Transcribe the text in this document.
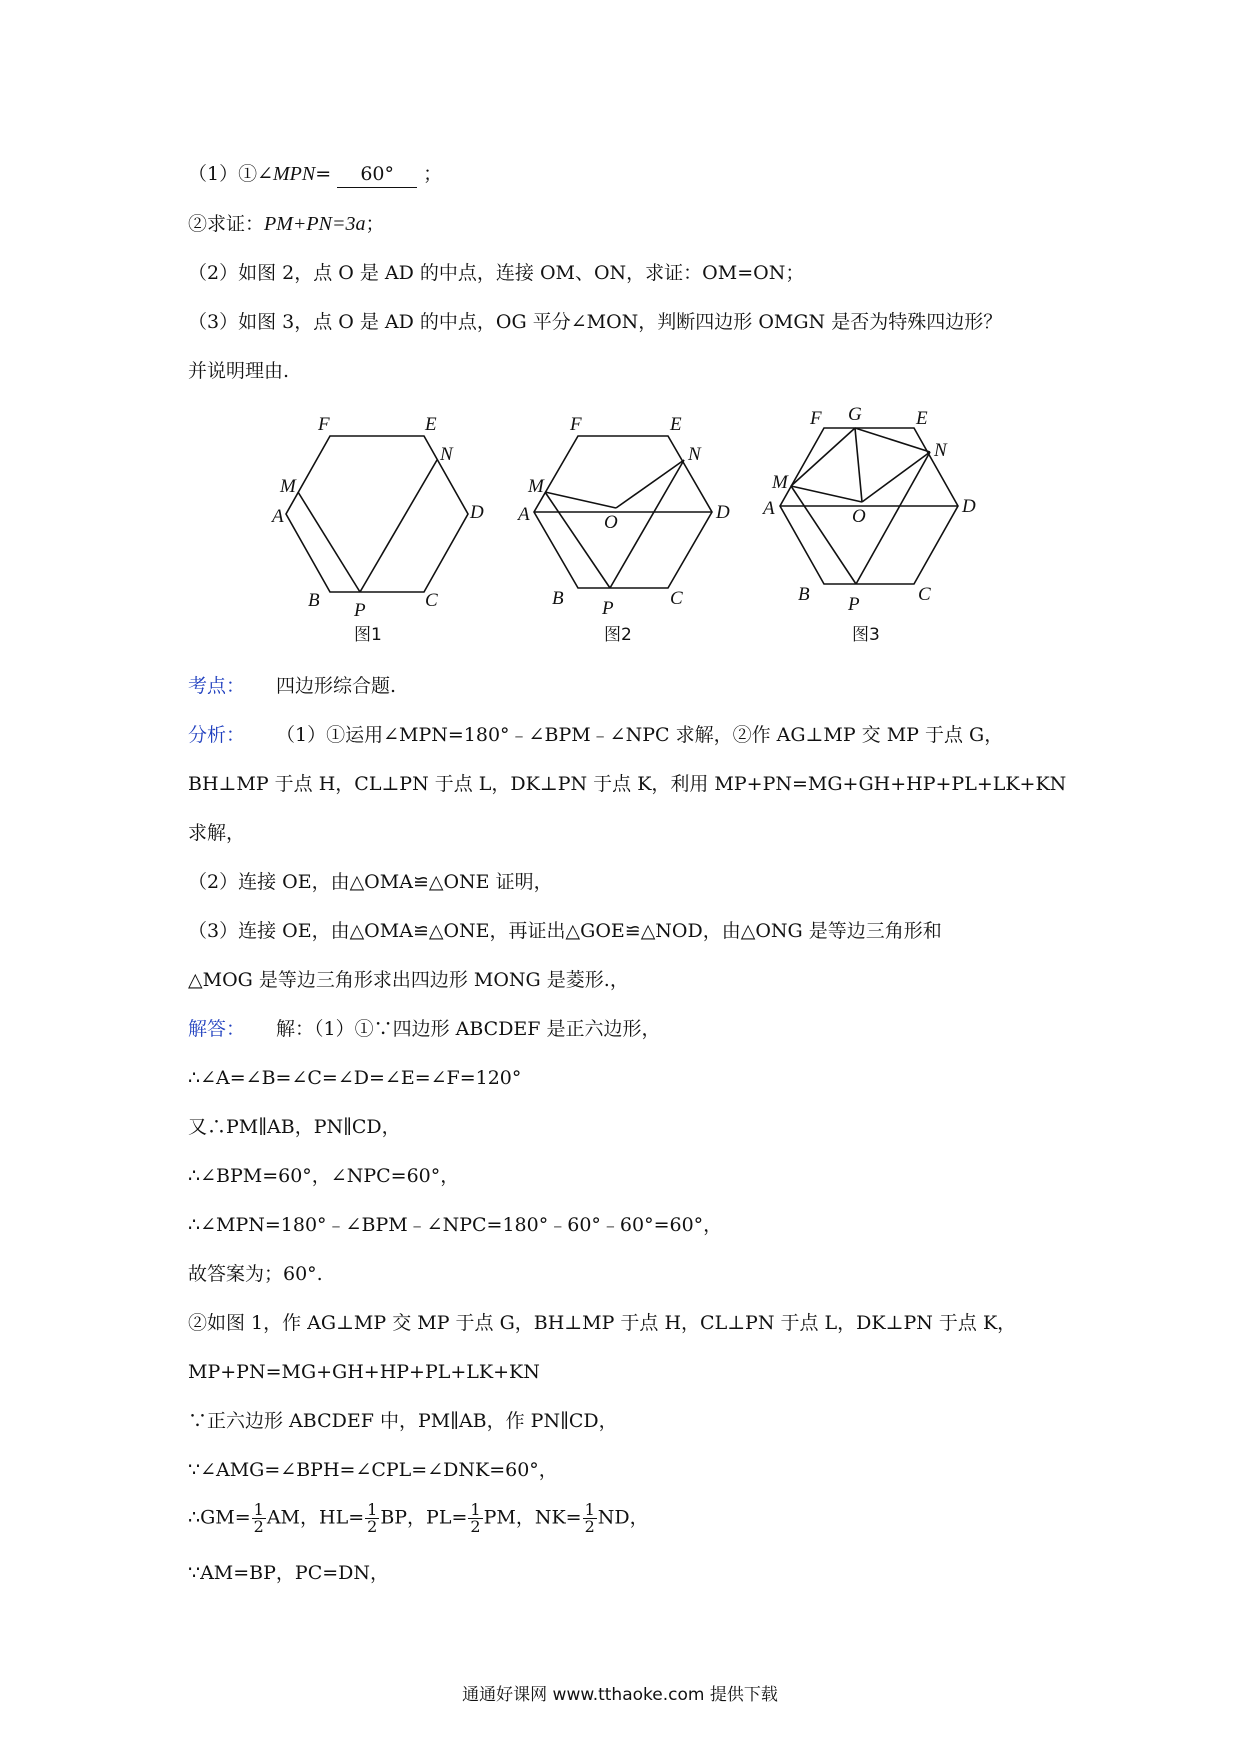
（1）①∠MPN= 60° ；
②求证：PM+PN=3a；
（2）如图 2，点 O 是 AD 的中点，连接 OM、ON，求证：OM=ON；
（3）如图 3，点 O 是 AD 的中点，OG 平分∠MON，判断四边形 OMGN 是否为特殊四边形？
并说明理由.
F	E
M
N
A	D
B P	C
图1
F	E
M
N
A	D
O
B P	C
图2
F G	E
M
N
A	D
O
B P	C
图3
考点： 四边形综合题.
分析： （1）①运用∠MPN=180°﹣∠BPM﹣∠NPC 求解，②作 AG⊥MP 交 MP 于点 G，
BH⊥MP 于点 H，CL⊥PN 于点 L，DK⊥PN 于点 K，利用 MP+PN=MG+GH+HP+PL+LK+KN
求解，
（2）连接 OE，由△OMA≌△ONE 证明，
（3）连接 OE，由△OMA≌△ONE，再证出△GOE≌△NOD，由△ONG 是等边三角形和
△MOG 是等边三角形求出四边形 MONG 是菱形.，
解答： 解：（1）①∵四边形 ABCDEF 是正六边形，
∴∠A=∠B=∠C=∠D=∠E=∠F=120°
又∴PM∥AB，PN∥CD，
∴∠BPM=60°，∠NPC=60°，
∴∠MPN=180°﹣∠BPM﹣∠NPC=180°﹣60°﹣60°=60°，
故答案为；60°.
②如图 1，作 AG⊥MP 交 MP 于点 G，BH⊥MP 于点 H，CL⊥PN 于点 L，DK⊥PN 于点 K，
MP+PN=MG+GH+HP+PL+LK+KN
∵正六边形 ABCDEF 中，PM∥AB，作 PN∥CD，
∵∠AMG=∠BPH=∠CPL=∠DNK=60°，
∴GM= $\frac{1}{2}$ AM，$HL= \frac{1}{2}$ BP，$PL= \frac{1}{2}$ PM，$NK= \frac{1}{2}$ ND，
∵AM=BP，PC=DN，
通通好课网 www.tthaoke.com 提供下载
